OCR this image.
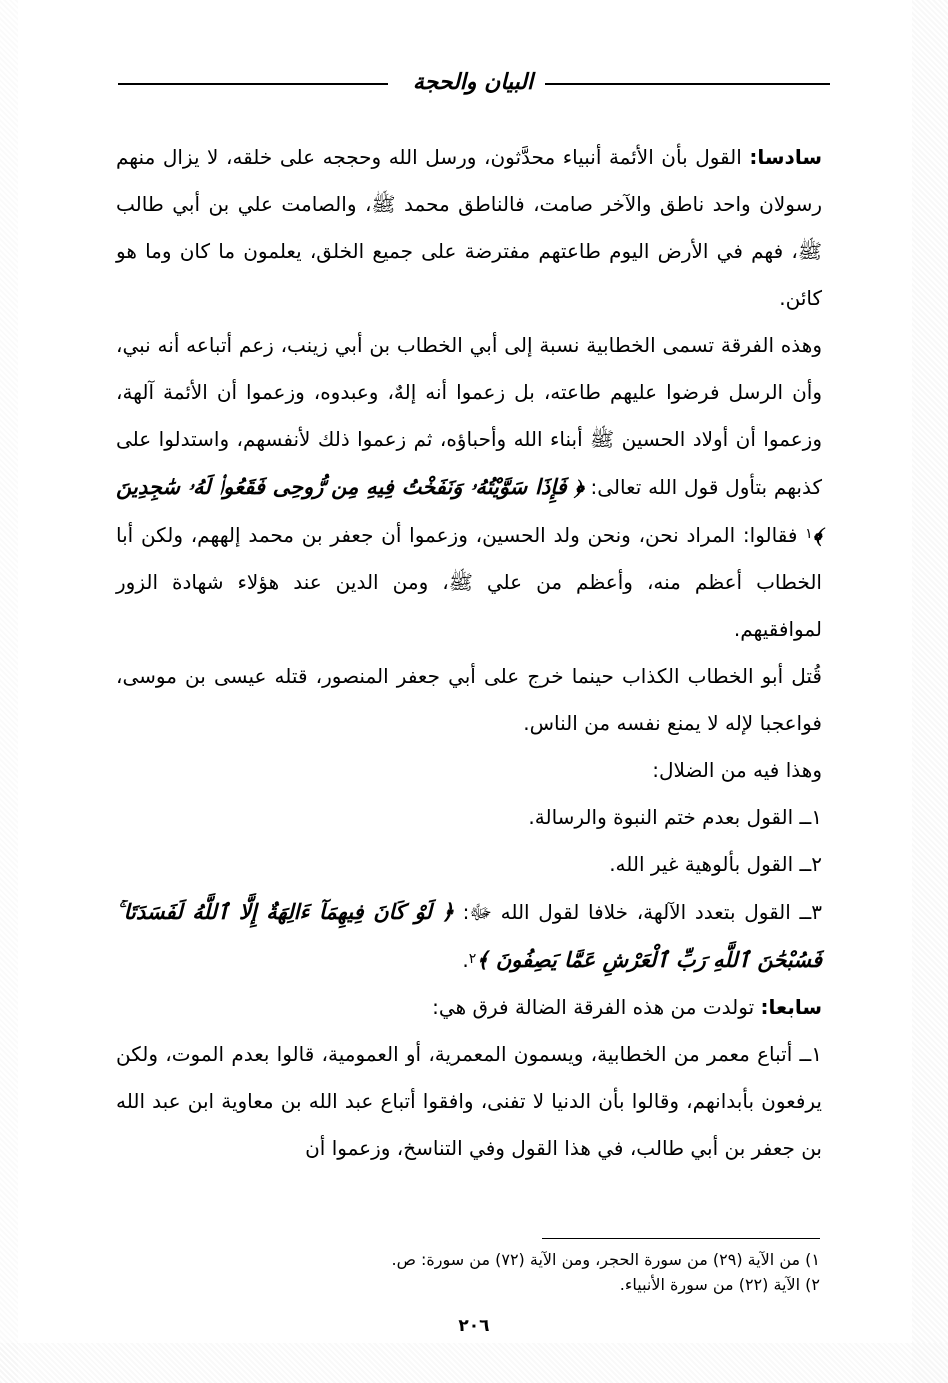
البيان والحجة

سادسا: القول بأن الأئمة أنبياء محدَّثون، ورسل الله وحججه على خلقه، لا يزال منهم رسولان واحد ناطق والآخر صامت، فالناطق محمد ﷺ، والصامت علي بن أبي طالب ﷺ، فهم في الأرض اليوم طاعتهم مفترضة على جميع الخلق، يعلمون ما كان وما هو كائن.

وهذه الفرقة تسمى الخطابية نسبة إلى أبي الخطاب بن أبي زينب، زعم أتباعه أنه نبي، وأن الرسل فرضوا عليهم طاعته، بل زعموا أنه إلهٌ، وعبدوه، وزعموا أن الأئمة آلهة، وزعموا أن أولاد الحسين ﷺ أبناء الله وأحباؤه، ثم زعموا ذلك لأنفسهم، واستدلوا على كذبهم بتأول قول الله تعالى: ﴿ فَإِذَا سَوَّيْتُهُۥ وَنَفَخْتُ فِيهِ مِن رُّوحِى فَقَعُوا۟ لَهُۥ سَٰجِدِينَ ﴾$^١$ فقالوا: المراد نحن، ونحن ولد الحسين، وزعموا أن جعفر بن محمد إلههم، ولكن أبا الخطاب أعظم منه، وأعظم من علي ﷺ، ومن الدين عند هؤلاء شهادة الزور لموافقيهم.

قُتل أبو الخطاب الكذاب حينما خرج على أبي جعفر المنصور، قتله عيسى بن موسى، فواعجبا لإله لا يمنع نفسه من الناس.

وهذا فيه من الضلال:

١ــ القول بعدم ختم النبوة والرسالة.

٢ــ القول بألوهية غير الله.

٣ــ القول بتعدد الآلهة، خلافا لقول الله ﷻ: ﴿ لَوْ كَانَ فِيهِمَآ ءَالِهَةٌ إِلَّا ٱللَّهُ لَفَسَدَتَا ۚ فَسُبْحَٰنَ ٱللَّهِ رَبِّ ٱلْعَرْشِ عَمَّا يَصِفُونَ ﴾$^٢$.

سابعا: تولدت من هذه الفرقة الضالة فرق هي:

١ــ أتباع معمر من الخطابية، ويسمون المعمرية، أو العمومية، قالوا بعدم الموت، ولكن يرفعون بأبدانهم، وقالوا بأن الدنيا لا تفنى، وافقوا أتباع عبد الله بن معاوية ابن عبد الله بن جعفر بن أبي طالب، في هذا القول وفي التناسخ، وزعموا أن

١) من الآية (٢٩) من سورة الحجر، ومن الآية (٧٢) من سورة: ص.
٢) الآية (٢٢) من سورة الأنبياء.
٢٠٦
